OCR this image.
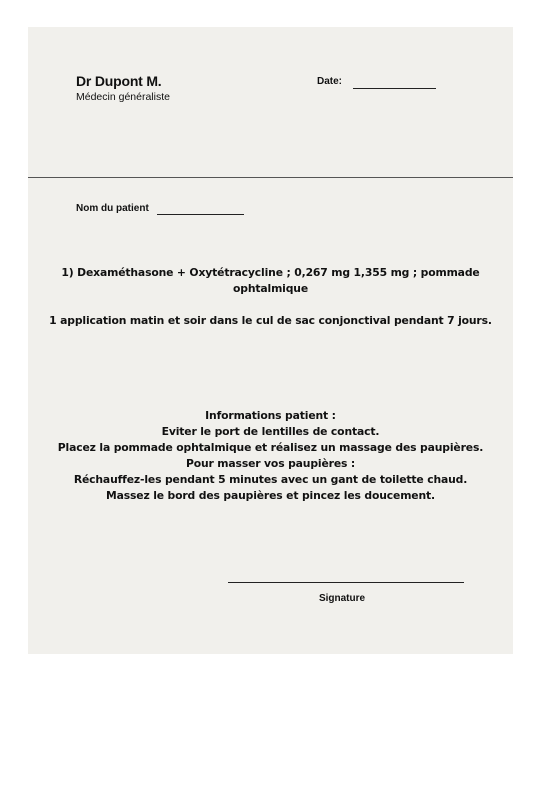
Dr Dupont M.
Médecin généraliste
Date:
Nom du patient
1) Dexaméthasone + Oxytétracycline ; 0,267 mg 1,355 mg ; pommade
ophtalmique
1 application matin et soir dans le cul de sac conjonctival pendant 7 jours.
Informations patient :
Eviter le port de lentilles de contact.
Placez la pommade ophtalmique et réalisez un massage des paupières.
Pour masser vos paupières :
Réchauffez-les pendant 5 minutes avec un gant de toilette chaud.
Massez le bord des paupières et pincez les doucement.
Signature
